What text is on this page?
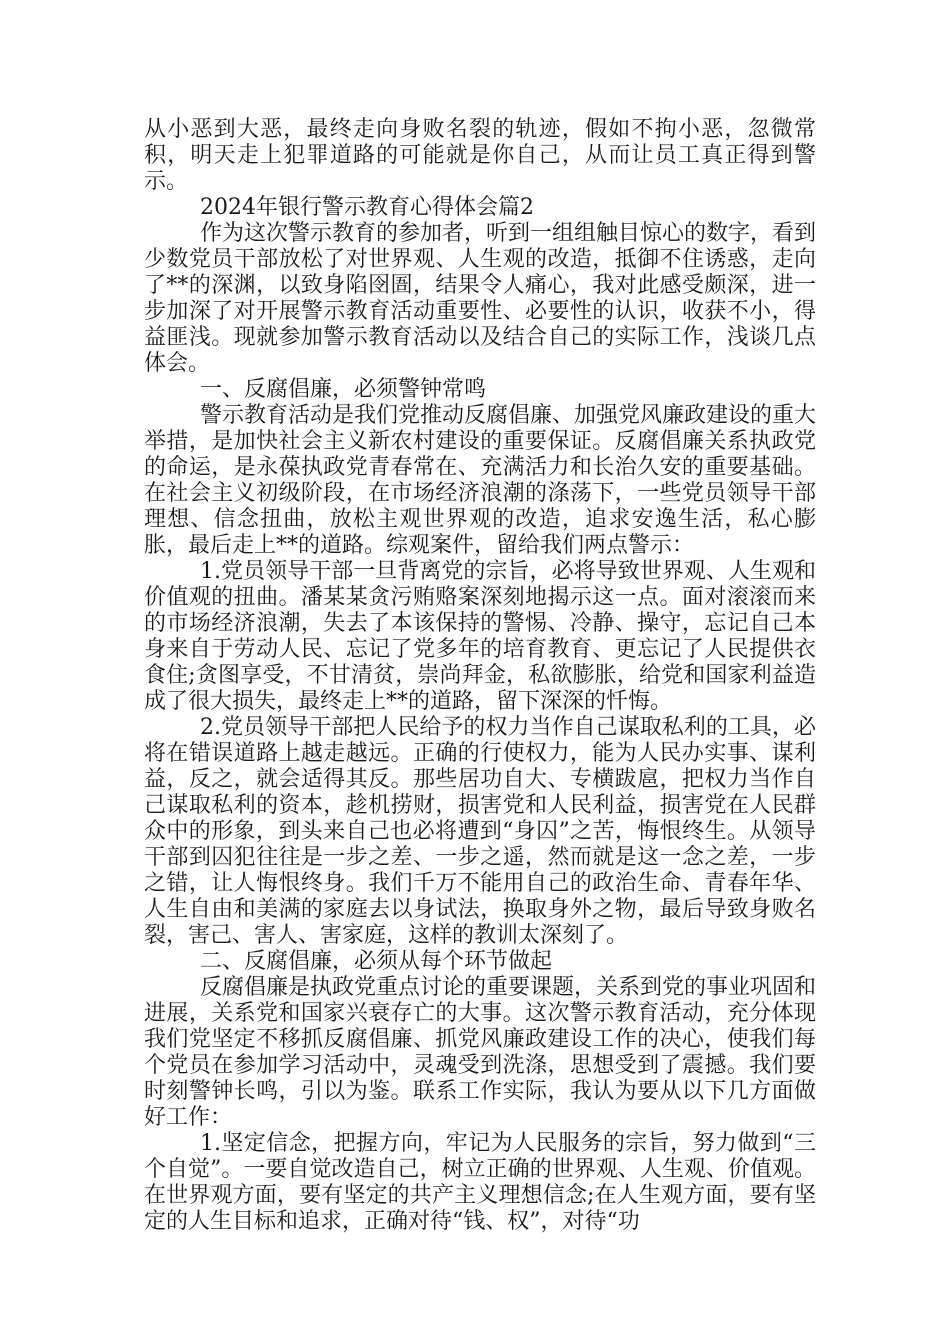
从小恶到大恶，最终走向身败名裂的轨迹，假如不拘小恶，忽微常积，明天走上犯罪道路的可能就是你自己，从而让员工真正得到警示。

2024年银行警示教育心得体会篇2

作为这次警示教育的参加者，听到一组组触目惊心的数字，看到少数党员干部放松了对世界观、人生观的改造，抵御不住诱惑，走向了**的深渊，以致身陷囹圄，结果令人痛心，我对此感受颇深，进一步加深了对开展警示教育活动重要性、必要性的认识，收获不小，得益匪浅。现就参加警示教育活动以及结合自己的实际工作，浅谈几点体会。

一、反腐倡廉，必须警钟常鸣

警示教育活动是我们党推动反腐倡廉、加强党风廉政建设的重大举措，是加快社会主义新农村建设的重要保证。反腐倡廉关系执政党的命运，是永葆执政党青春常在、充满活力和长治久安的重要基础。在社会主义初级阶段，在市场经济浪潮的涤荡下，一些党员领导干部理想、信念扭曲，放松主观世界观的改造，追求安逸生活，私心膨胀，最后走上**的道路。综观案件，留给我们两点警示：

1.党员领导干部一旦背离党的宗旨，必将导致世界观、人生观和价值观的扭曲。潘某某贪污贿赂案深刻地揭示这一点。面对滚滚而来的市场经济浪潮，失去了本该保持的警惕、冷静、操守，忘记自己本身来自于劳动人民、忘记了党多年的培育教育、更忘记了人民提供衣食住;贪图享受，不甘清贫，崇尚拜金，私欲膨胀，给党和国家利益造成了很大损失，最终走上**的道路，留下深深的忏悔。

2.党员领导干部把人民给予的权力当作自己谋取私利的工具，必将在错误道路上越走越远。正确的行使权力，能为人民办实事、谋利益，反之，就会适得其反。那些居功自大、专横跋扈，把权力当作自己谋取私利的资本，趁机捞财，损害党和人民利益，损害党在人民群众中的形象，到头来自己也必将遭到“身囚”之苦，悔恨终生。从领导干部到囚犯往往是一步之差、一步之遥，然而就是这一念之差，一步之错，让人悔恨终身。我们千万不能用自己的政治生命、青春年华、人生自由和美满的家庭去以身试法，换取身外之物，最后导致身败名裂，害己、害人、害家庭，这样的教训太深刻了。

二、反腐倡廉，必须从每个环节做起

反腐倡廉是执政党重点讨论的重要课题，关系到党的事业巩固和进展，关系党和国家兴衰存亡的大事。这次警示教育活动，充分体现我们党坚定不移抓反腐倡廉、抓党风廉政建设工作的决心，使我们每个党员在参加学习活动中，灵魂受到洗涤，思想受到了震撼。我们要时刻警钟长鸣，引以为鉴。联系工作实际，我认为要从以下几方面做好工作：

1.坚定信念，把握方向，牢记为人民服务的宗旨，努力做到“三个自觉”。一要自觉改造自己，树立正确的世界观、人生观、价值观。在世界观方面，要有坚定的共产主义理想信念;在人生观方面，要有坚定的人生目标和追求，正确对待“钱、权”，对待“功
